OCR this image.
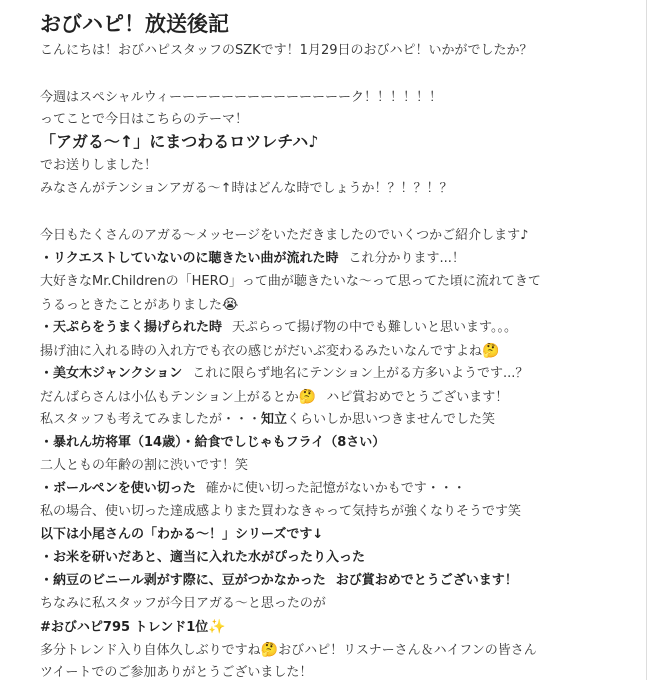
おびハピ！放送後記
こんにちは！おびハピスタッフのSZKです！1月29日のおびハピ！いかがでしたか？
今週はスペシャルウィーーーーーーーーーーーーーーク！！！！！！
ってことで今日はこちらのテーマ！
「アガる〜↑」にまつわるロツレチハ♪
でお送りしました！
みなさんがテンションアガる〜↑時はどんな時でしょうか！？！？！？
今日もたくさんのアガる〜メッセージをいただきましたのでいくつかご紹介します♪
・リクエストしていないのに聴きたい曲が流れた時 これ分かります...！
大好きなMr.Childrenの「HERO」って曲が聴きたいな〜って思ってた頃に流れてきて
うるっときたことがありました😭
・天ぷらをうまく揚げられた時 天ぷらって揚げ物の中でも難しいと思います。。。
揚げ油に入れる時の入れ方でも衣の感じがだいぶ変わるみたいなんですよね🤔
・美女木ジャンクション これに限らず地名にテンション上がる方多いようです...？
だんばらさんは小仏もテンション上がるとか🤔 ハピ賞おめでとうございます！
私スタッフも考えてみましたが・・・知立くらいしか思いつきませんでした笑
・暴れん坊将軍（14歳）・給食でしじゃもフライ（8さい）
二人ともの年齢の割に渋いです！笑
・ボールペンを使い切った 確かに使い切った記憶がないかもです・・・
私の場合、使い切った達成感よりまた買わなきゃって気持ちが強くなりそうです笑
以下は小尾さんの「わかる〜！」シリーズです↓
・お米を研いだあと、適当に入れた水がぴったり入った
・納豆のビニール剥がす際に、豆がつかなかった おび賞おめでとうございます！
ちなみに私スタッフが今日アガる〜と思ったのが
#おびハピ795 トレンド1位✨
多分トレンド入り自体久しぶりですね🤔おびハピ！リスナーさん＆ハイフンの皆さん
ツイートでのご参加ありがとうございました！
